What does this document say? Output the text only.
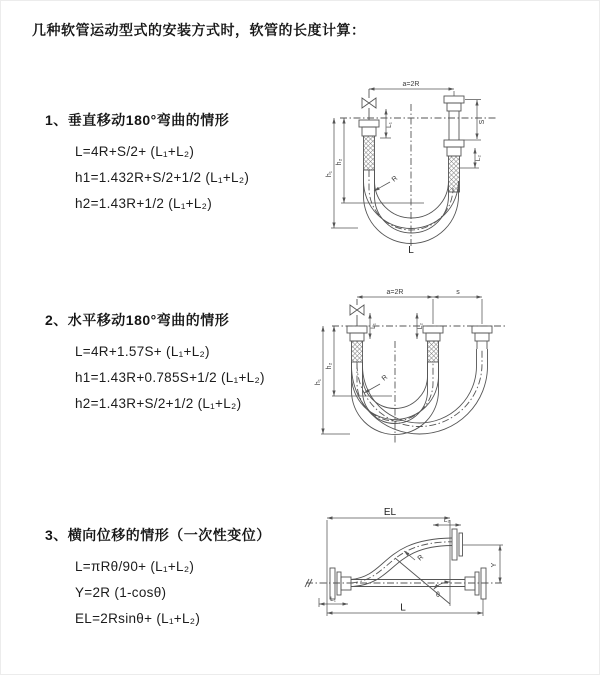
几种软管运动型式的安装方式时，软管的长度计算：
1、垂直移动180°弯曲的情形
L=4R+S/2+ (L₁+L₂)
h1=1.432R+S/2+1/2 (L₁+L₂)
h2=1.43R+1/2 (L₁+L₂)
2、水平移动180°弯曲的情形
L=4R+1.57S+ (L₁+L₂)
h1=1.43R+0.785S+1/2 (L₁+L₂)
h2=1.43R+S/2+1/2 (L₁+L₂)
3、横向位移的情形（一次性变位）
L=πRθ/90+ (L₁+L₂)
Y=2R (1-cosθ)
EL=2Rsinθ+ (L₁+L₂)
a=2R
S
L₁
L₂
h₁
h₂
R
L
a=2R	s
h₁
h₂
L₁	L₂
R
EL
L
Y
L₂
L₁
R
θ
